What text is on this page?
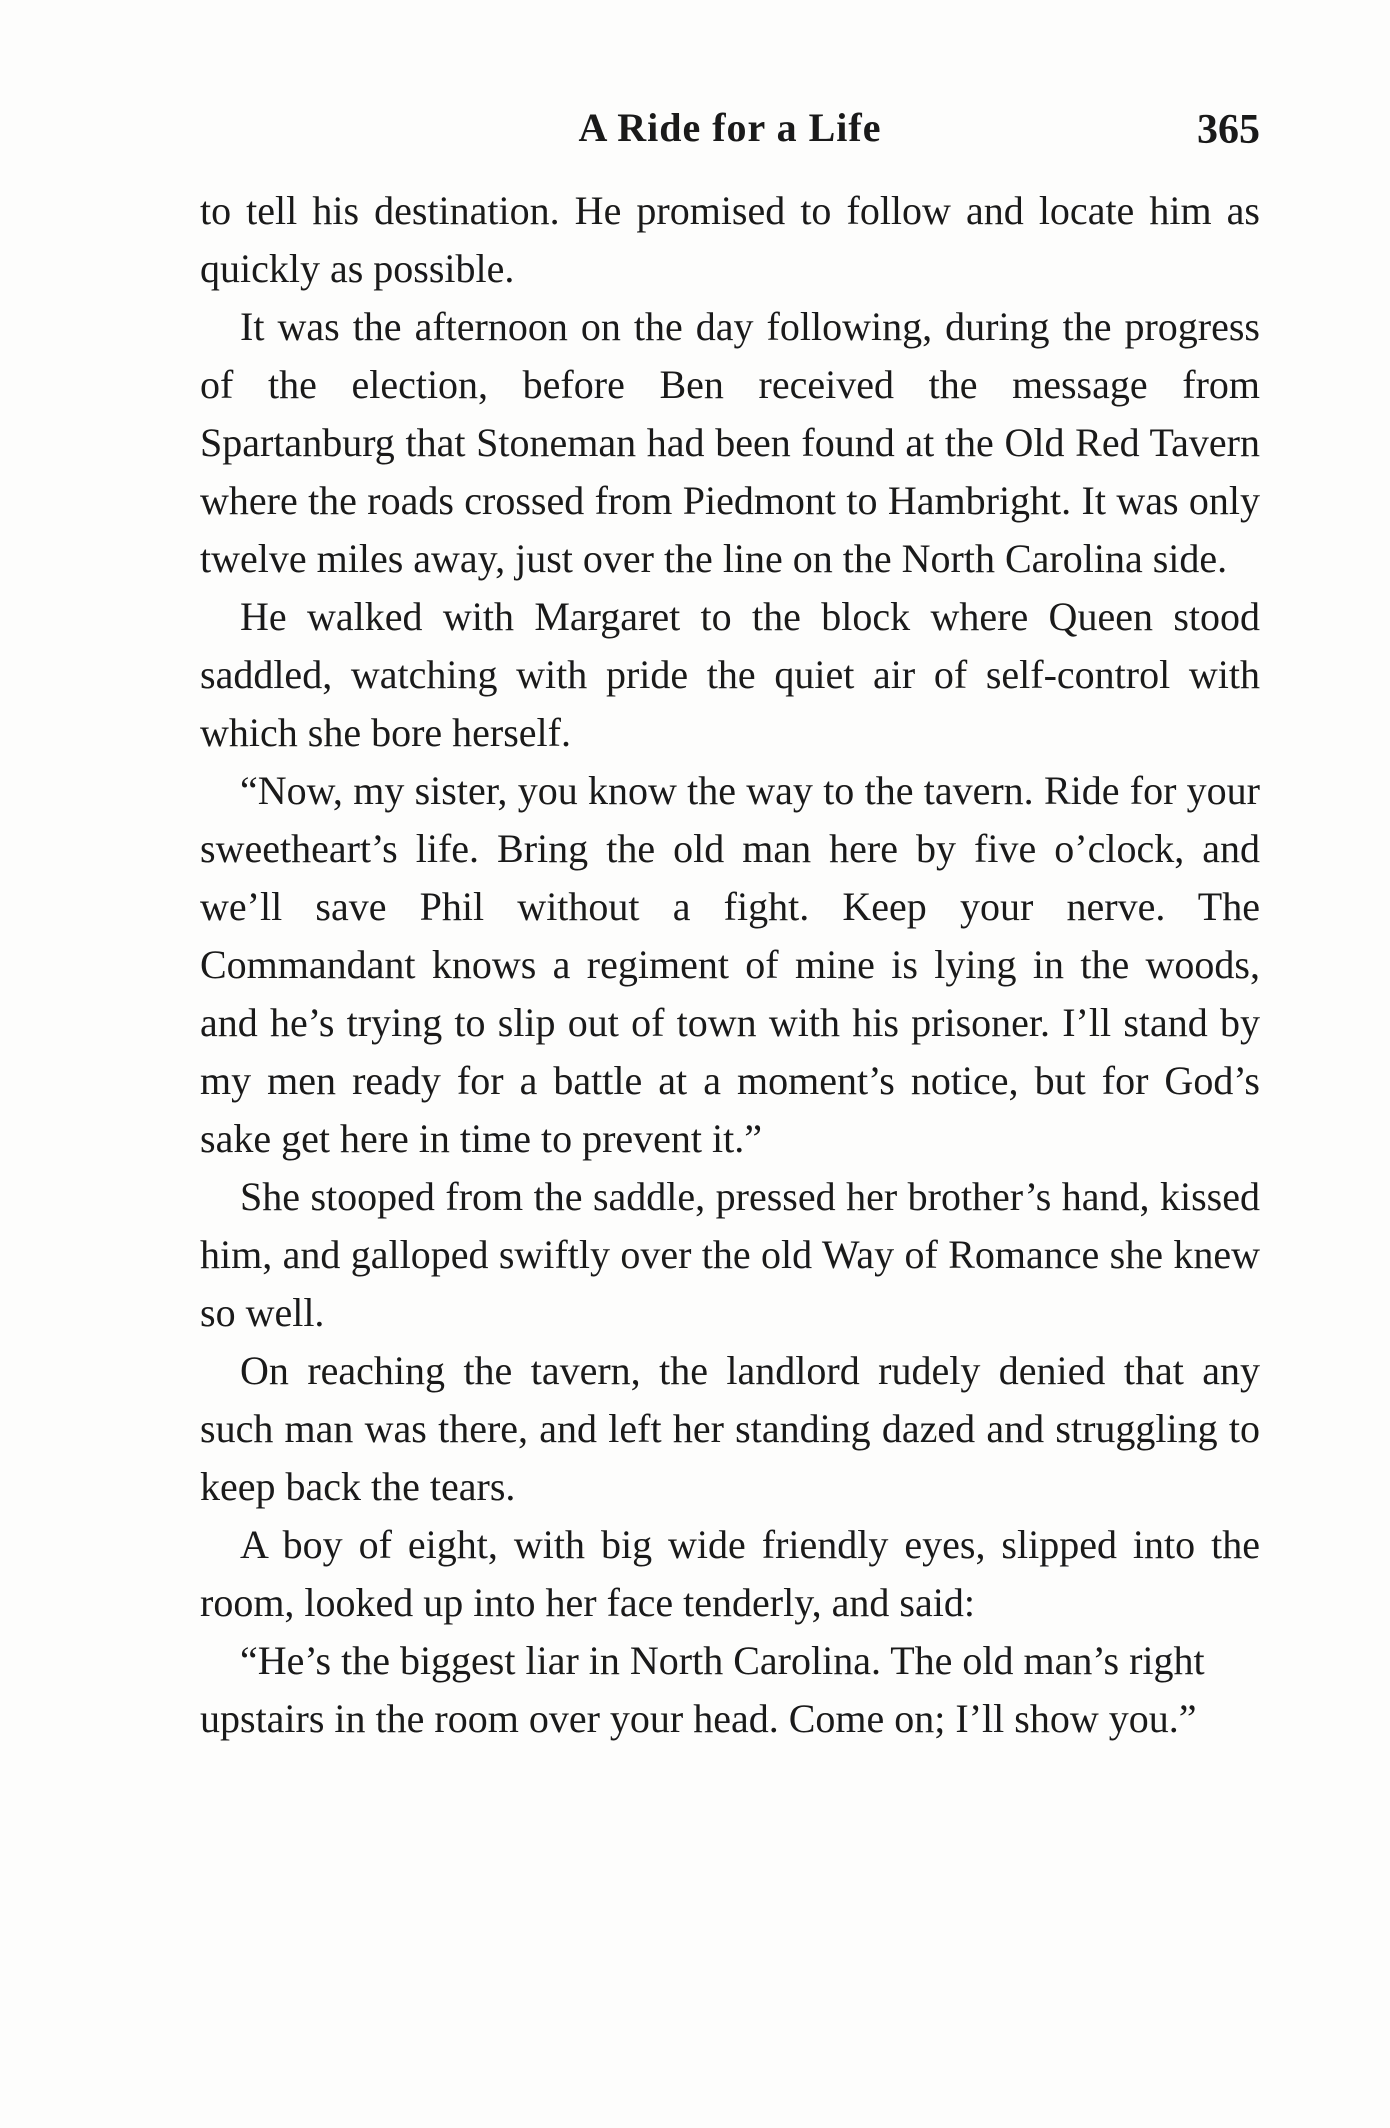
A Ride for a Life	365

to tell his destination. He promised to follow and locate him as quickly as possible.

It was the afternoon on the day following, during the progress of the election, before Ben received the message from Spartanburg that Stoneman had been found at the Old Red Tavern where the roads crossed from Piedmont to Hambright. It was only twelve miles away, just over the line on the North Carolina side.

He walked with Margaret to the block where Queen stood saddled, watching with pride the quiet air of self-control with which she bore herself.

“Now, my sister, you know the way to the tavern. Ride for your sweetheart’s life. Bring the old man here by five o’clock, and we’ll save Phil without a fight. Keep your nerve. The Commandant knows a regiment of mine is lying in the woods, and he’s trying to slip out of town with his prisoner. I’ll stand by my men ready for a battle at a moment’s notice, but for God’s sake get here in time to prevent it.”

She stooped from the saddle, pressed her brother’s hand, kissed him, and galloped swiftly over the old Way of Romance she knew so well.

On reaching the tavern, the landlord rudely denied that any such man was there, and left her standing dazed and struggling to keep back the tears.

A boy of eight, with big wide friendly eyes, slipped into the room, looked up into her face tenderly, and said:

“He’s the biggest liar in North Carolina. The old man’s right upstairs in the room over your head. Come on; I’ll show you.”
